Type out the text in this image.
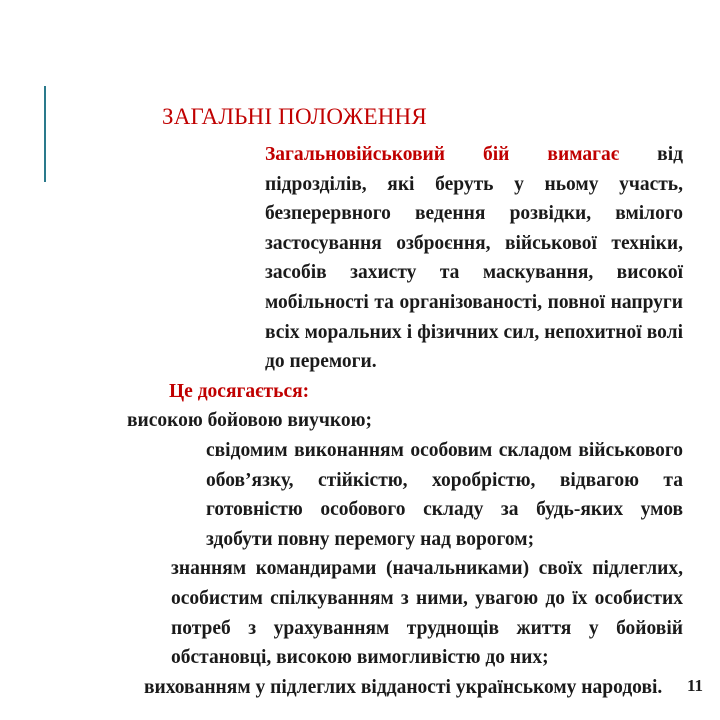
ЗАГАЛЬНІ ПОЛОЖЕННЯ

Загальновійськовий бій вимагає від підрозділів, які беруть у ньому участь, безперервного ведення розвідки, вмілого застосування озброєння, військової техніки, засобів захисту та маскування, високої мобільності та організованості, повної напруги всіх моральних і фізичних сил, непохитної волі до перемоги.

Це досягається:

високою бойовою виучкою;

свідомим виконанням особовим складом військового обов’язку, стійкістю, хоробрістю, відвагою та готовністю особового складу за будь-яких умов здобути повну перемогу над ворогом;

знанням командирами (начальниками) своїх підлеглих, особистим спілкуванням з ними, увагою до їх особистих потреб з урахуванням труднощів життя у бойовій обстановці, високою вимогливістю до них;

вихованням у підлеглих відданості українському народові.	11
